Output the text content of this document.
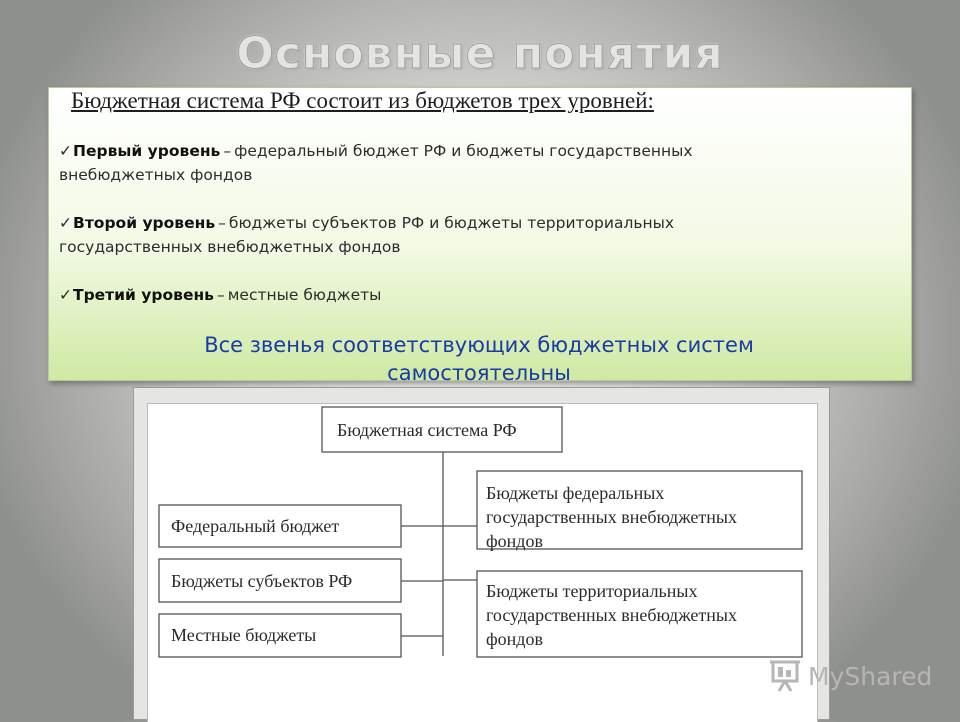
Основные понятия
Бюджетная система РФ состоит из бюджетов трех уровней:
✓Первый уровень – федеральный бюджет РФ и бюджеты государственных
внебюджетных фондов
✓Второй уровень – бюджеты субъектов РФ и бюджеты территориальных
государственных внебюджетных фондов
✓Третий уровень – местные бюджеты
Все звенья соответствующих бюджетных систем
самостоятельны
Бюджетная система РФ
Федеральный бюджет
Бюджеты субъектов РФ
Местные бюджеты
Бюджеты федеральных
государственных внебюджетных
фондов
Бюджеты территориальных
государственных внебюджетных
фондов
MyShared
